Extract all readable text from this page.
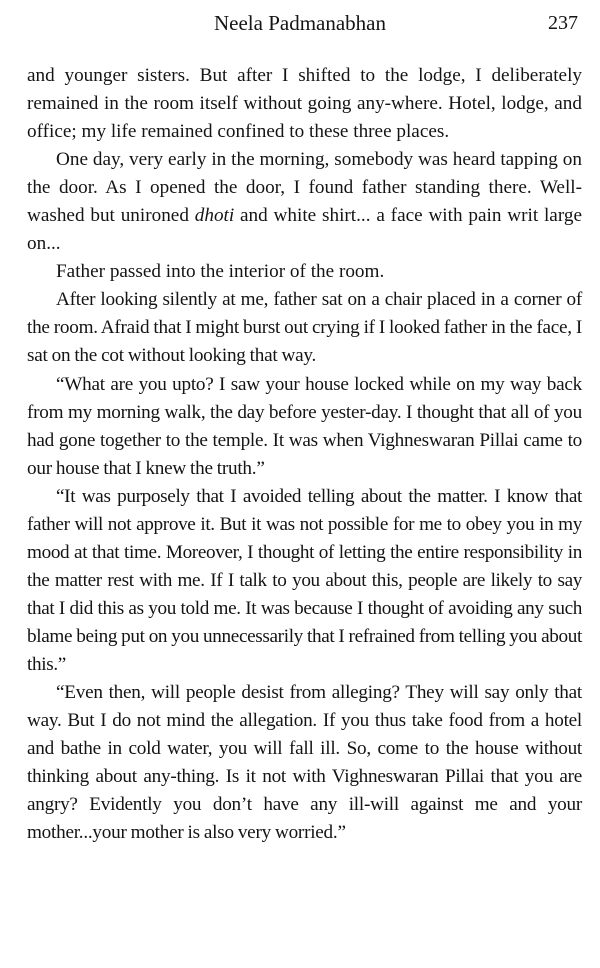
Neela Padmanabhan	237

and younger sisters. But after I shifted to the lodge, I deliberately remained in the room itself without going any-where. Hotel, lodge, and office; my life remained confined to these three places.

One day, very early in the morning, somebody was heard tapping on the door. As I opened the door, I found father standing there. Well-washed but unironed dhoti and white shirt... a face with pain writ large on...

Father passed into the interior of the room.

After looking silently at me, father sat on a chair placed in a corner of the room. Afraid that I might burst out crying if I looked father in the face, I sat on the cot without looking that way.

“What are you upto? I saw your house locked while on my way back from my morning walk, the day before yester-day. I thought that all of you had gone together to the temple. It was when Vighneswaran Pillai came to our house that I knew the truth.”

“It was purposely that I avoided telling about the matter. I know that father will not approve it. But it was not possible for me to obey you in my mood at that time. Moreover, I thought of letting the entire responsibility in the matter rest with me. If I talk to you about this, people are likely to say that I did this as you told me. It was because I thought of avoiding any such blame being put on you unnecessarily that I refrained from telling you about this.”

“Even then, will people desist from alleging? They will say only that way. But I do not mind the allegation. If you thus take food from a hotel and bathe in cold water, you will fall ill. So, come to the house without thinking about any-thing. Is it not with Vighneswaran Pillai that you are angry? Evidently you don’t have any ill-will against me and your mother...your mother is also very worried.”
